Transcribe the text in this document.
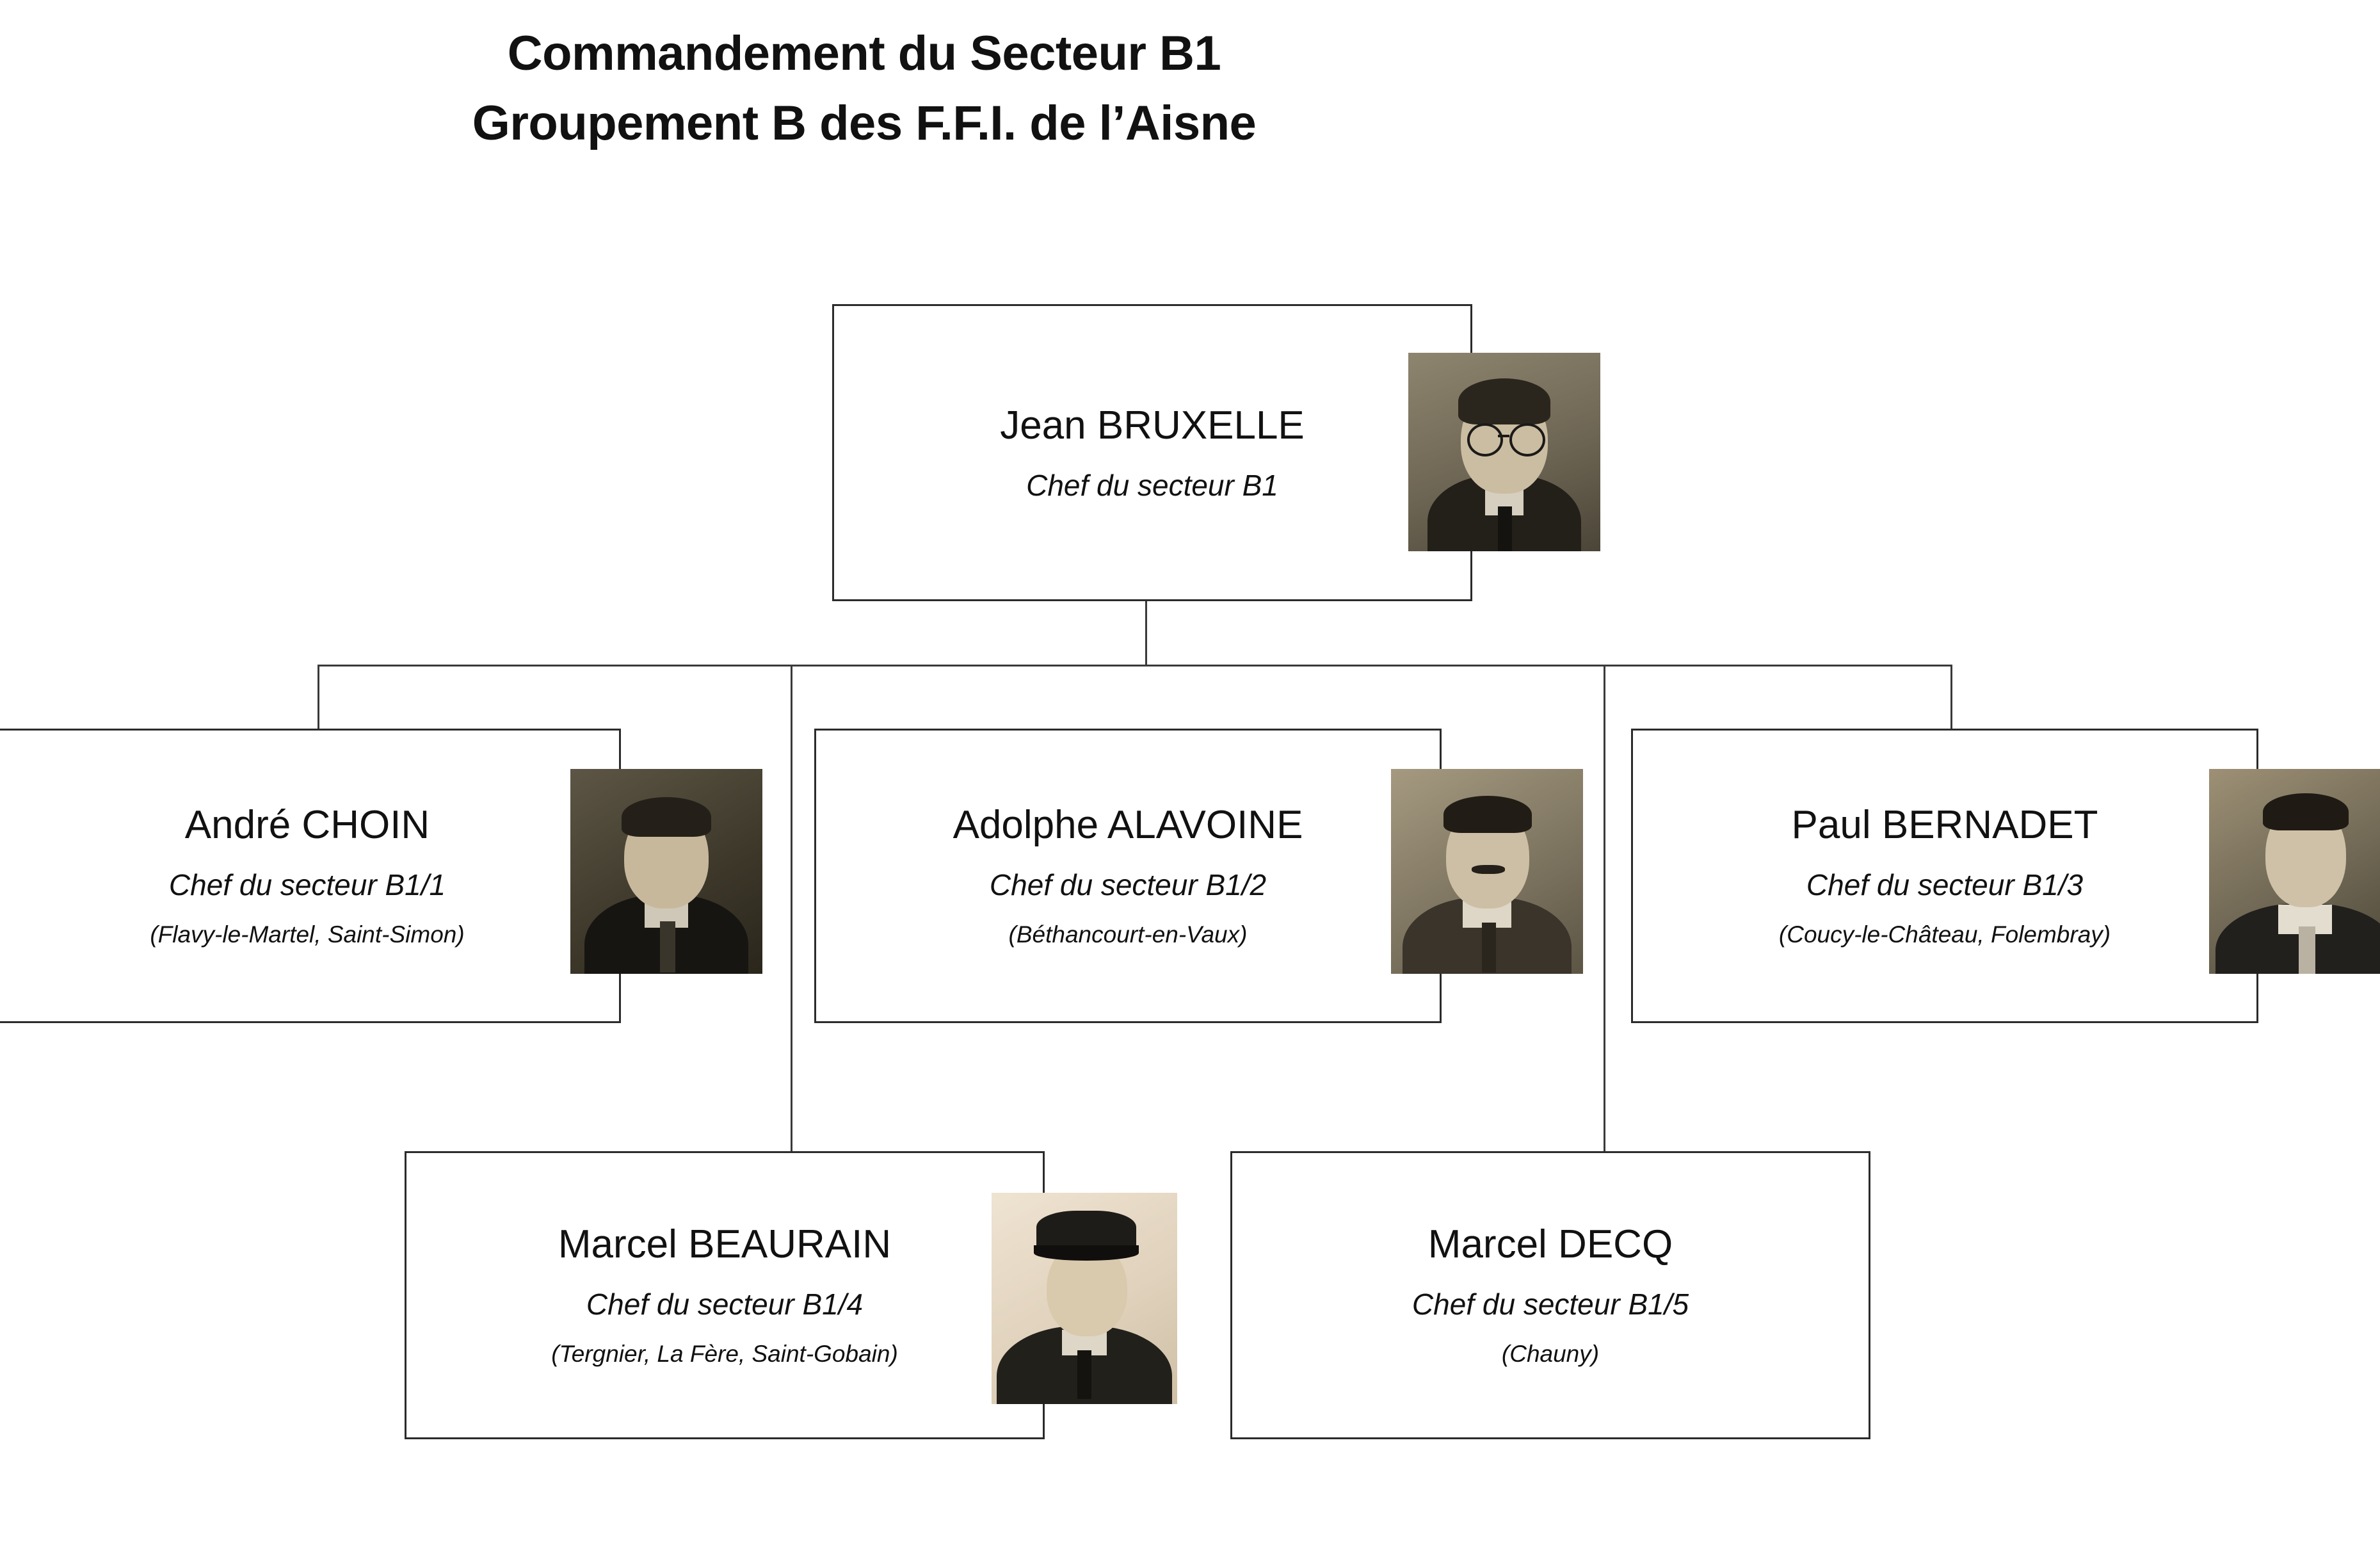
Commandement du Secteur B1
Groupement B des F.F.I. de l’Aisne
Jean BRUXELLE
Chef du secteur B1
André CHOIN
Chef du secteur B1/1
(Flavy-le-Martel, Saint-Simon)
Adolphe ALAVOINE
Chef du secteur B1/2
(Béthancourt-en-Vaux)
Paul BERNADET
Chef du secteur B1/3
(Coucy-le-Château, Folembray)
Marcel BEAURAIN
Chef du secteur B1/4
(Tergnier, La Fère, Saint-Gobain)
Marcel DECQ
Chef du secteur B1/5
(Chauny)
